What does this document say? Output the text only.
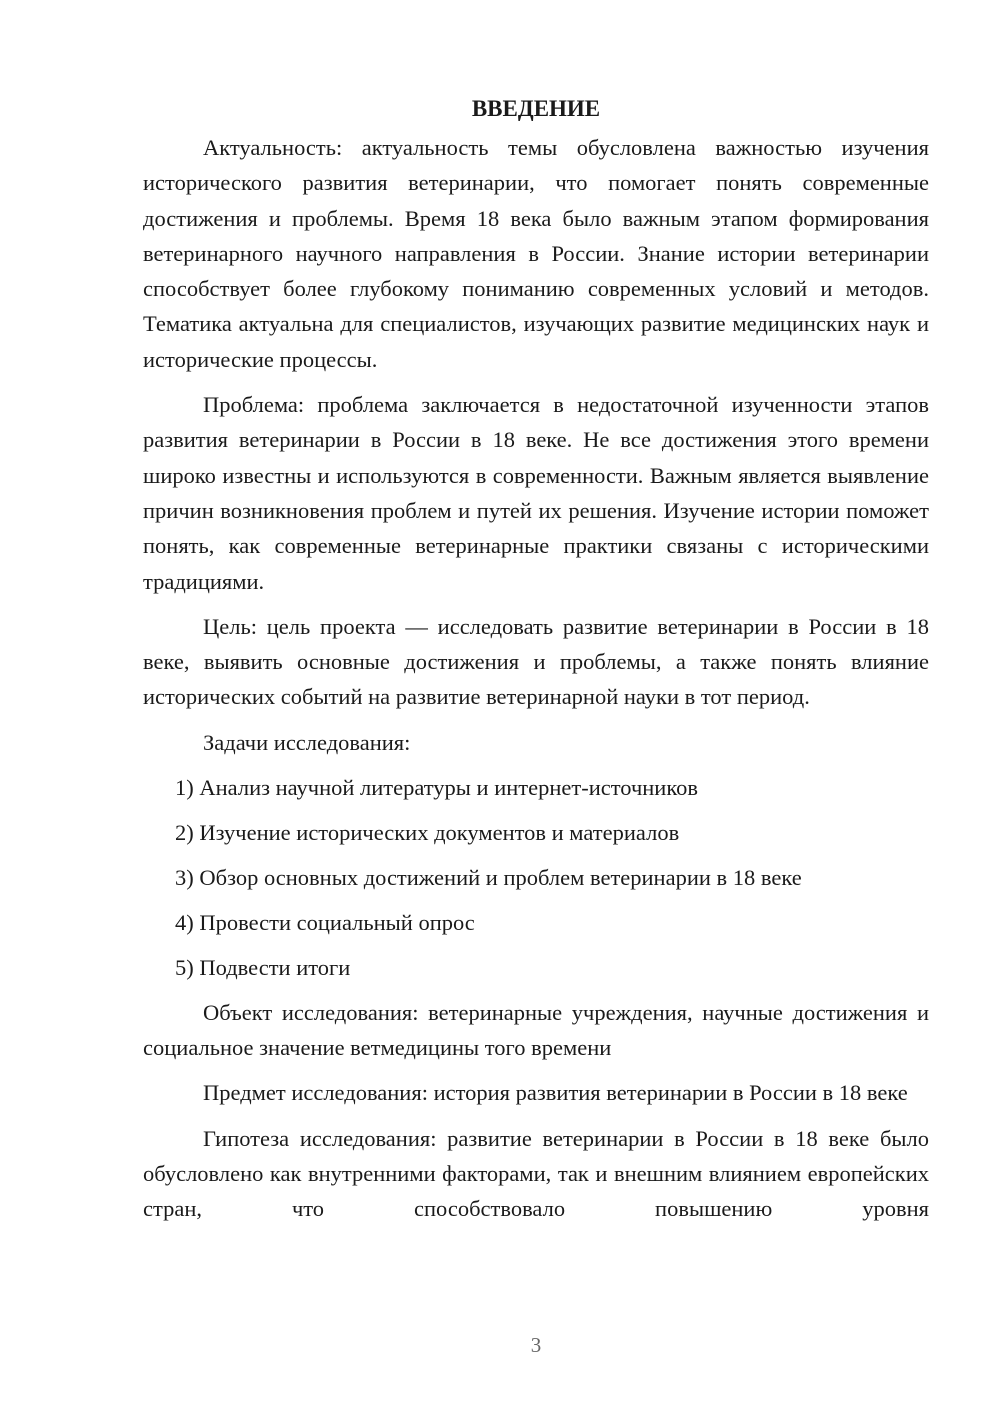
ВВЕДЕНИЕ

Актуальность: актуальность темы обусловлена важностью изучения исторического развития ветеринарии, что помогает понять современные достижения и проблемы. Время 18 века было важным этапом формирования ветеринарного научного направления в России. Знание истории ветеринарии способствует более глубокому пониманию современных условий и методов. Тематика актуальна для специалистов, изучающих развитие медицинских наук и исторические процессы.

Проблема: проблема заключается в недостаточной изученности этапов развития ветеринарии в России в 18 веке. Не все достижения этого времени широко известны и используются в современности. Важным является выявление причин возникновения проблем и путей их решения. Изучение истории поможет понять, как современные ветеринарные практики связаны с историческими традициями.

Цель: цель проекта — исследовать развитие ветеринарии в России в 18 веке, выявить основные достижения и проблемы, а также понять влияние исторических событий на развитие ветеринарной науки в тот период.

Задачи исследования:
1) Анализ научной литературы и интернет-источников
2) Изучение исторических документов и материалов
3) Обзор основных достижений и проблем ветеринарии в 18 веке
4) Провести социальный опрос
5) Подвести итоги

Объект исследования: ветеринарные учреждения, научные достижения и социальное значение ветмедицины того времени

Предмет исследования: история развития ветеринарии в России в 18 веке

Гипотеза исследования: развитие ветеринарии в России в 18 веке было обусловлено как внутренними факторами, так и внешним влиянием европейских стран, что способствовало повышению уровня

3
